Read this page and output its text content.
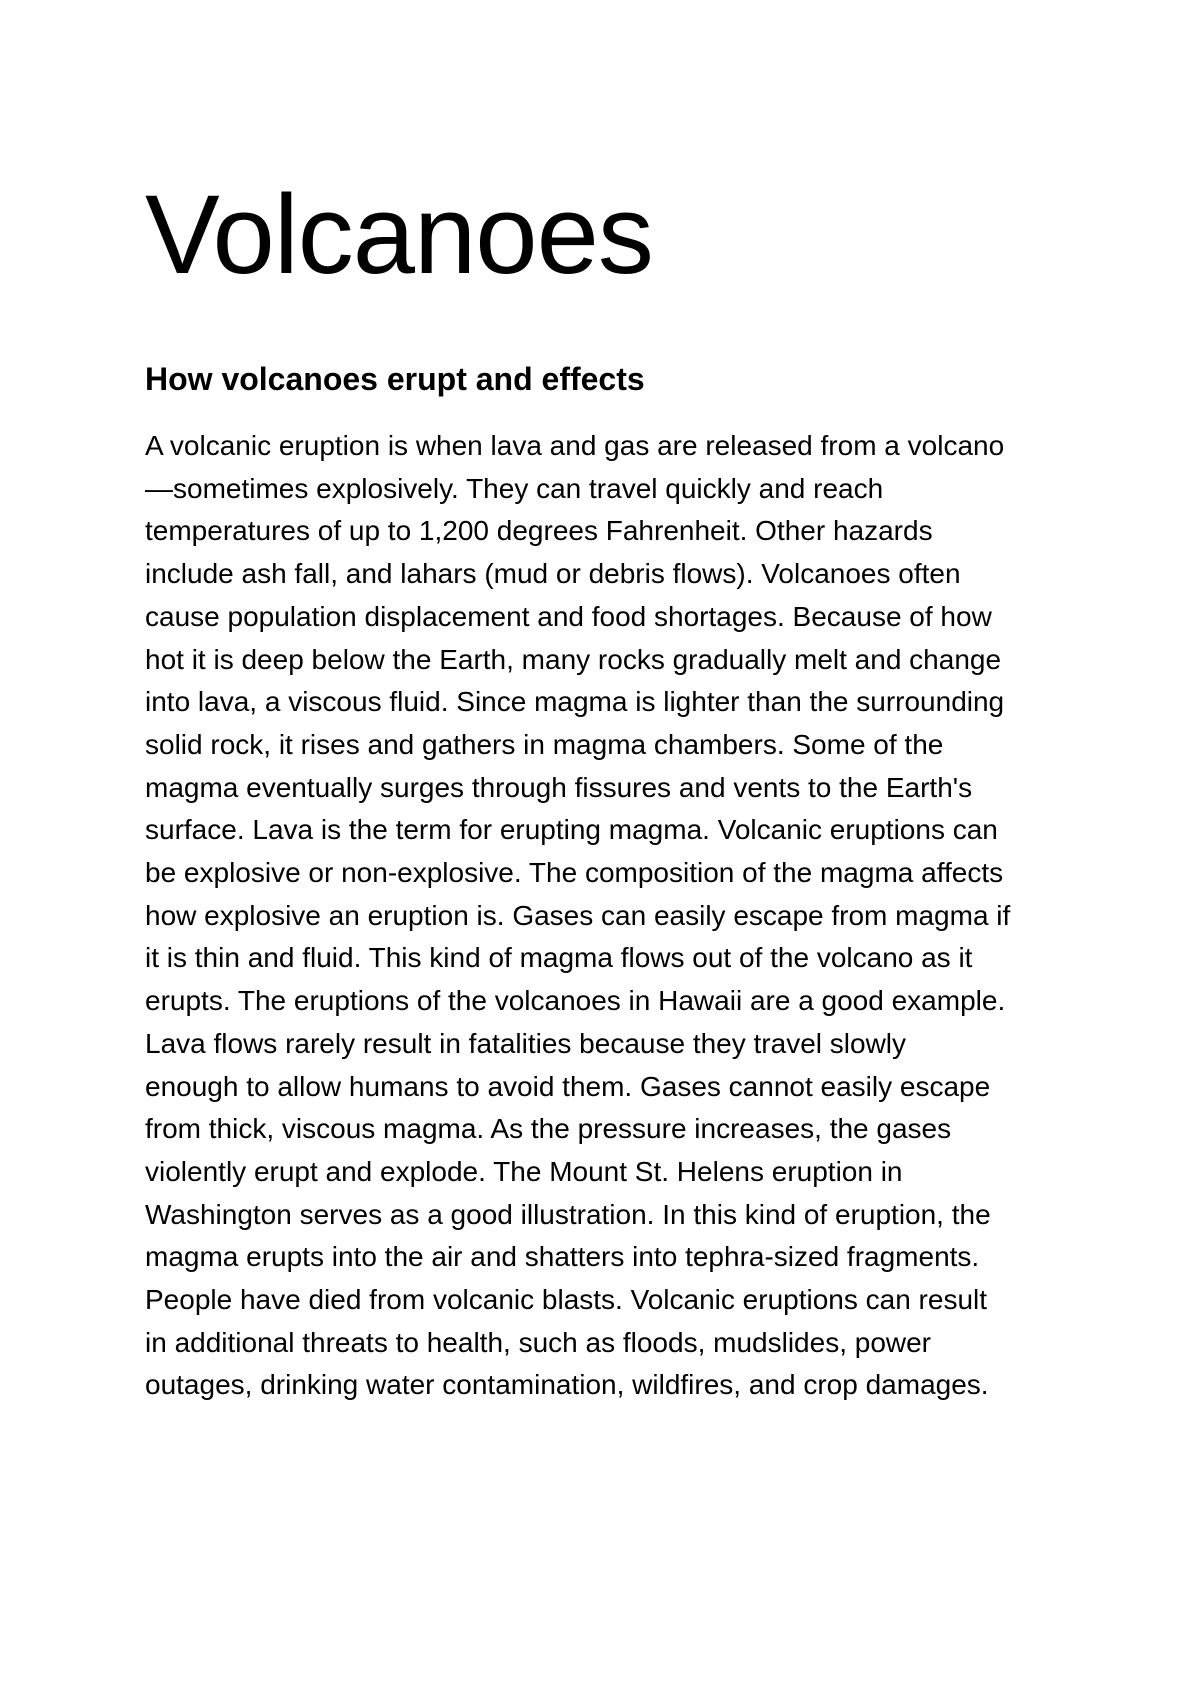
Volcanoes
How volcanoes erupt and effects
A volcanic eruption is when lava and gas are released from a volcano
—sometimes explosively. They can travel quickly and reach
temperatures of up to 1,200 degrees Fahrenheit. Other hazards
include ash fall, and lahars (mud or debris flows). Volcanoes often
cause population displacement and food shortages. Because of how
hot it is deep below the Earth, many rocks gradually melt and change
into lava, a viscous fluid. Since magma is lighter than the surrounding
solid rock, it rises and gathers in magma chambers. Some of the
magma eventually surges through fissures and vents to the Earth's
surface. Lava is the term for erupting magma. Volcanic eruptions can
be explosive or non-explosive. The composition of the magma affects
how explosive an eruption is. Gases can easily escape from magma if
it is thin and fluid. This kind of magma flows out of the volcano as it
erupts. The eruptions of the volcanoes in Hawaii are a good example.
Lava flows rarely result in fatalities because they travel slowly
enough to allow humans to avoid them. Gases cannot easily escape
from thick, viscous magma. As the pressure increases, the gases
violently erupt and explode. The Mount St. Helens eruption in
Washington serves as a good illustration. In this kind of eruption, the
magma erupts into the air and shatters into tephra-sized fragments.
People have died from volcanic blasts. Volcanic eruptions can result
in additional threats to health, such as floods, mudslides, power
outages, drinking water contamination, wildfires, and crop damages.
